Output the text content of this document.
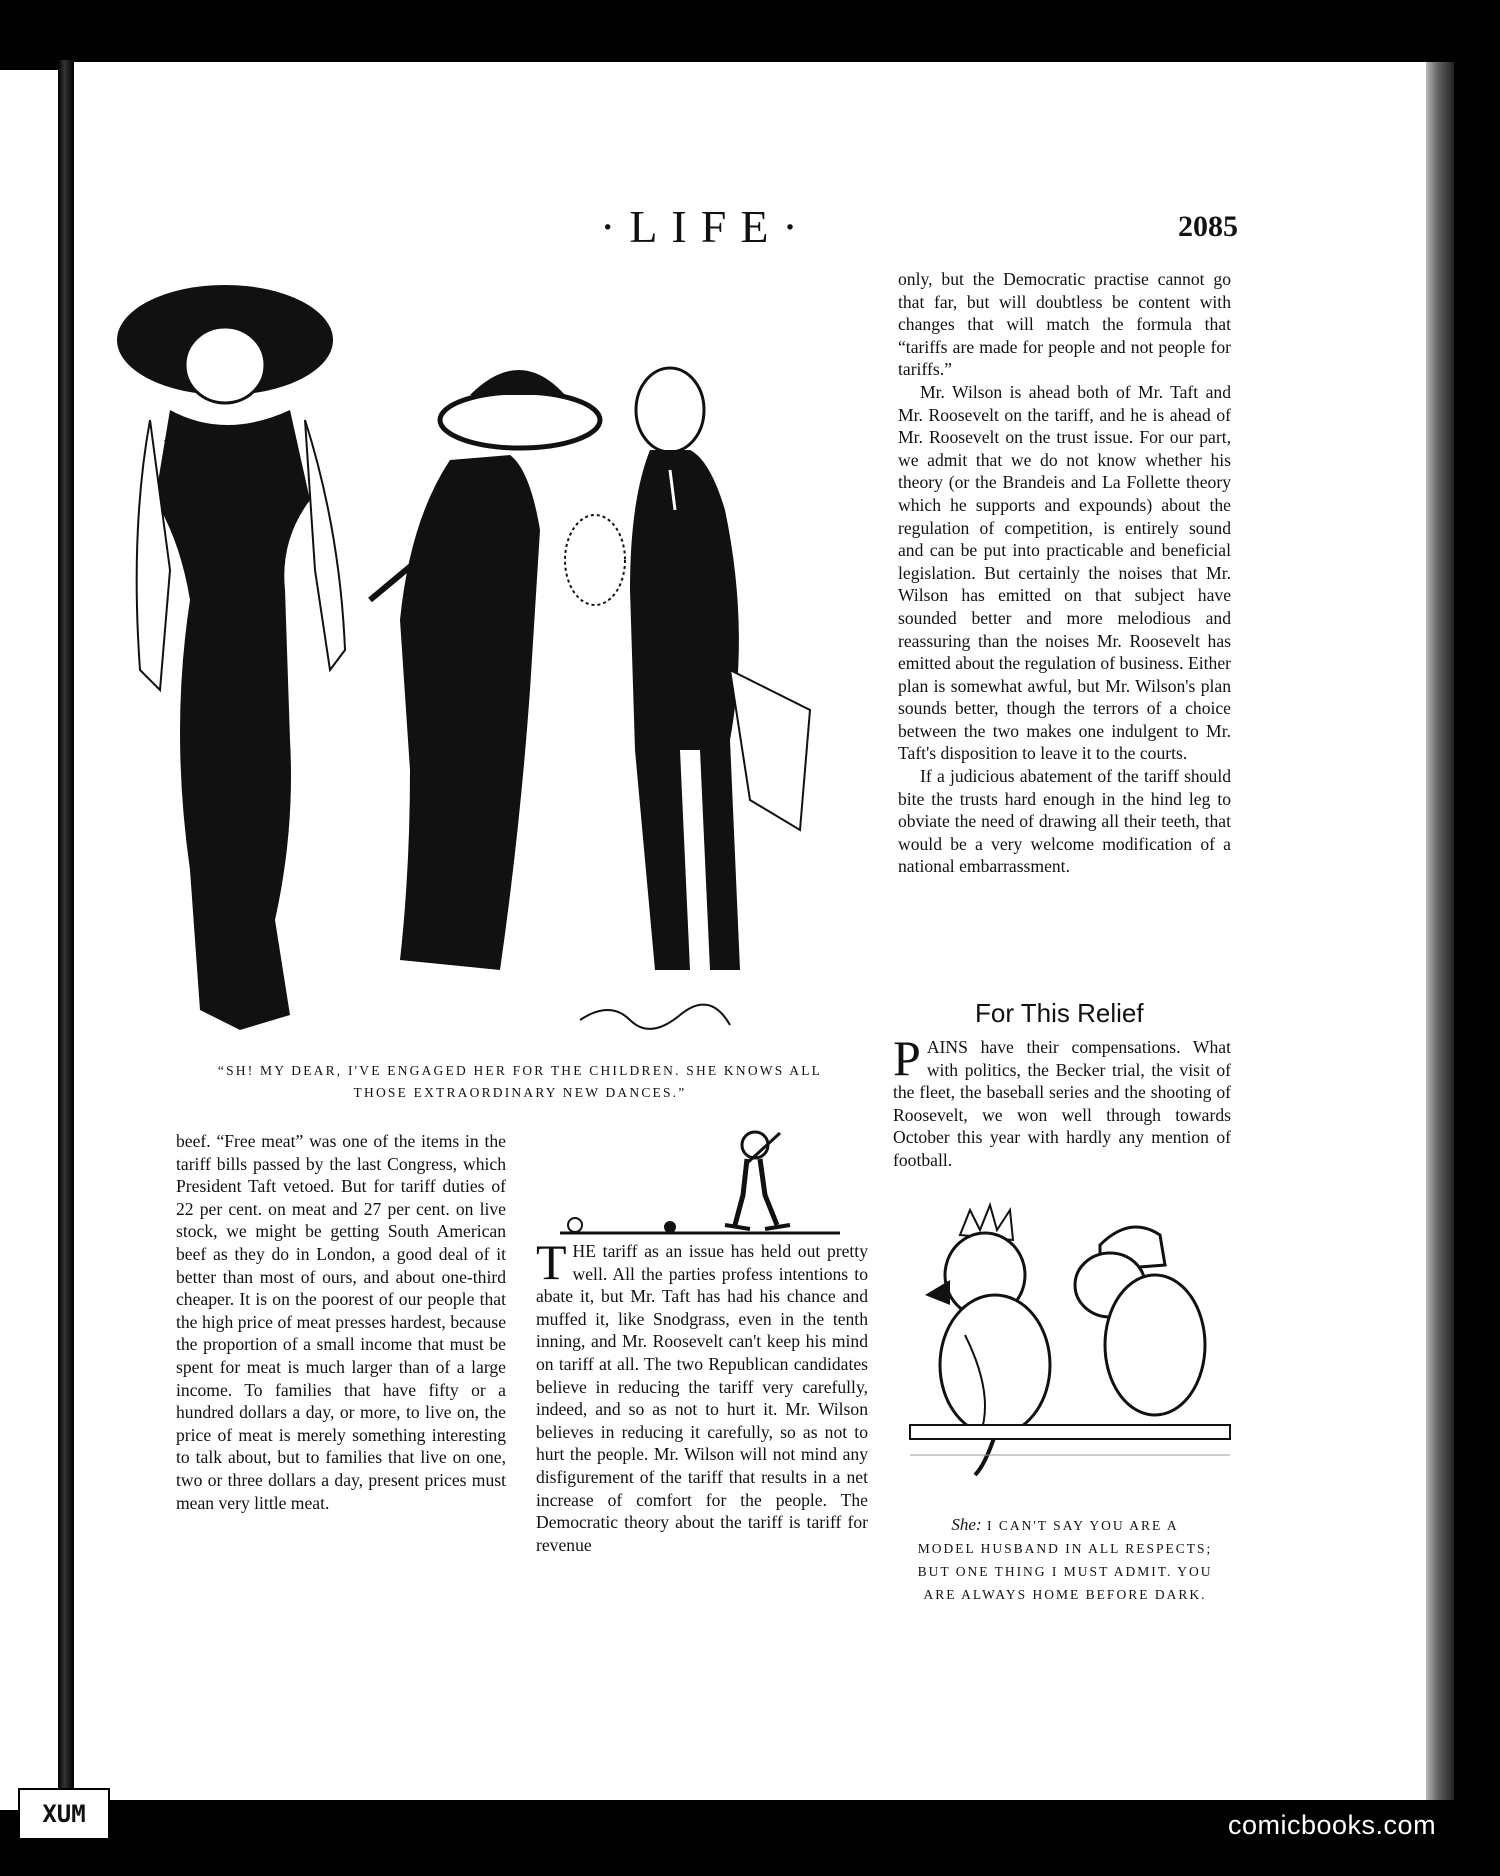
·LIFE·	2085
“SH! MY DEAR, I'VE ENGAGED HER FOR THE CHILDREN. SHE KNOWS ALL
THOSE EXTRAORDINARY NEW DANCES.”

beef. “Free meat” was one of the items in the tariff bills passed by the last Congress, which President Taft vetoed. But for tariff duties of 22 per cent. on meat and 27 per cent. on live stock, we might be getting South American beef as they do in London, a good deal of it better than most of ours, and about one-third cheaper. It is on the poorest of our people that the high price of meat presses hardest, because the proportion of a small income that must be spent for meat is much larger than of a large income. To families that have fifty or a hundred dollars a day, or more, to live on, the price of meat is merely something interesting to talk about, but to families that live on one, two or three dollars a day, present prices must mean very little meat.

THE tariff as an issue has held out pretty well. All the parties profess intentions to abate it, but Mr. Taft has had his chance and muffed it, like Snodgrass, even in the tenth inning, and Mr. Roosevelt can't keep his mind on tariff at all. The two Republican candidates believe in reducing the tariff very carefully, indeed, and so as not to hurt it. Mr. Wilson believes in reducing it carefully, so as not to hurt the people. Mr. Wilson will not mind any disfigurement of the tariff that results in a net increase of comfort for the people. The Democratic theory about the tariff is tariff for revenue

only, but the Democratic practise cannot go that far, but will doubtless be content with changes that will match the formula that “tariffs are made for people and not people for tariffs.”

Mr. Wilson is ahead both of Mr. Taft and Mr. Roosevelt on the tariff, and he is ahead of Mr. Roosevelt on the trust issue. For our part, we admit that we do not know whether his theory (or the Brandeis and La Follette theory which he supports and expounds) about the regulation of competition, is entirely sound and can be put into practicable and beneficial legislation. But certainly the noises that Mr. Wilson has emitted on that subject have sounded better and more melodious and reassuring than the noises Mr. Roosevelt has emitted about the regulation of business. Either plan is somewhat awful, but Mr. Wilson's plan sounds better, though the terrors of a choice between the two makes one indulgent to Mr. Taft's disposition to leave it to the courts.

If a judicious abatement of the tariff should bite the trusts hard enough in the hind leg to obviate the need of drawing all their teeth, that would be a very welcome modification of a national embarrassment.

For This Relief

PAINS have their compensations. What with politics, the Becker trial, the visit of the fleet, the baseball series and the shooting of Roosevelt, we won well through towards October this year with hardly any mention of football.

She: I CAN'T SAY YOU ARE A
MODEL HUSBAND IN ALL RESPECTS;
BUT ONE THING I MUST ADMIT. YOU
ARE ALWAYS HOME BEFORE DARK.
XUM	comicbooks.com
